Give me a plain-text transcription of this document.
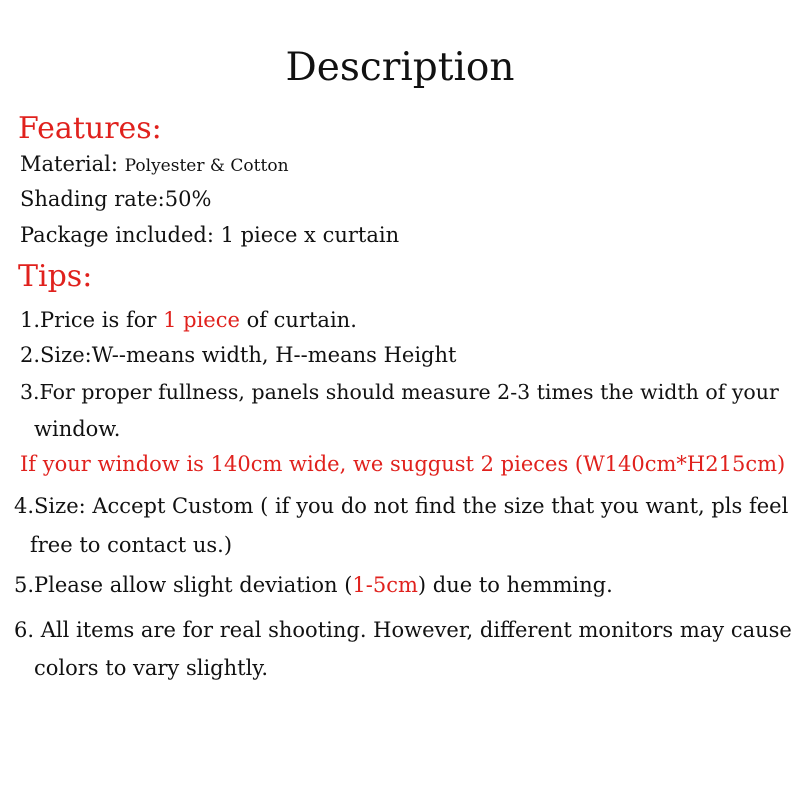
Description
Features:
Material: Polyester & Cotton
Shading rate:50%
Package included: 1 piece x curtain
Tips:
1.Price is for 1 piece of curtain.
2.Size:W--means width, H--means Height
3.For proper fullness, panels should measure 2-3 times the width of your
window.
If your window is 140cm wide, we suggust 2 pieces (W140cm*H215cm)
4.Size: Accept Custom ( if you do not find the size that you want, pls feel
free to contact us.)
5.Please allow slight deviation (1-5cm) due to hemming.
6. All items are for real shooting. However, different monitors may cause
colors to vary slightly.
